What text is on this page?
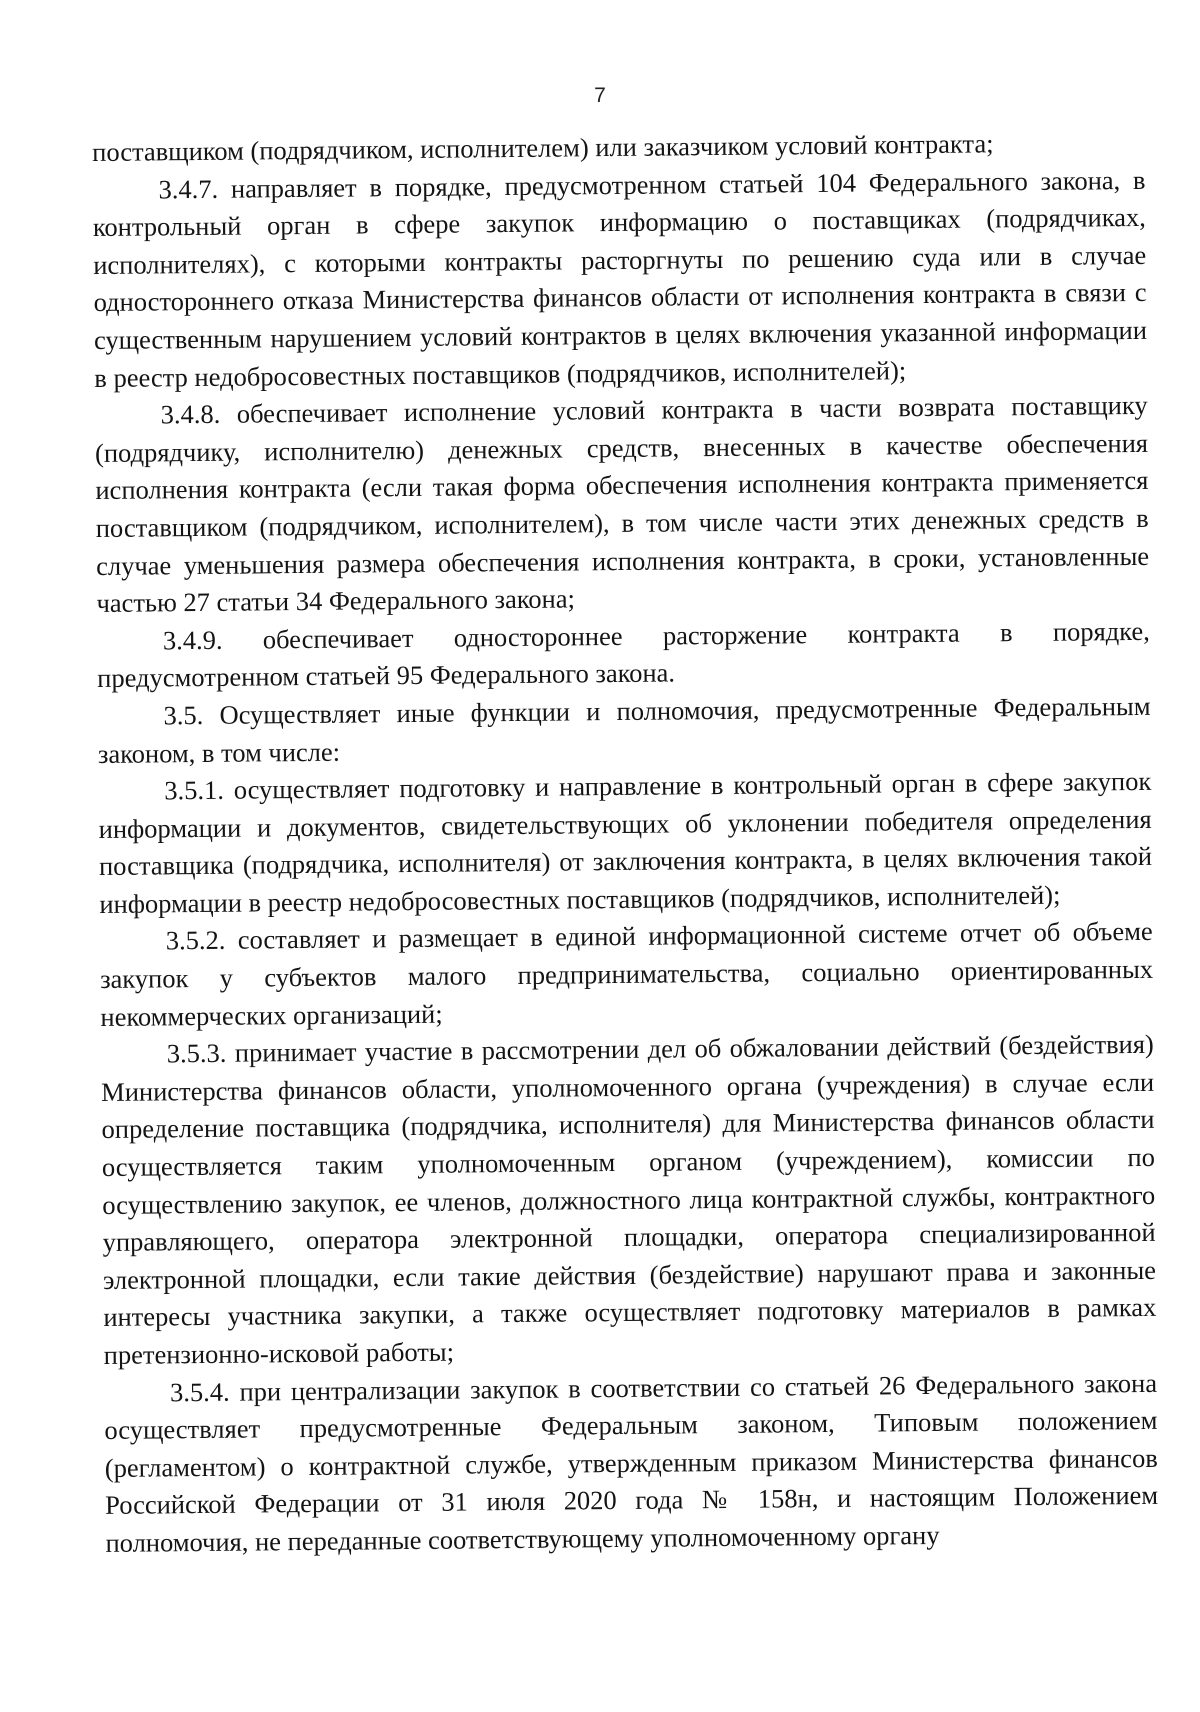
7

поставщиком (подрядчиком, исполнителем) или заказчиком условий контракта;

3.4.7. направляет в порядке, предусмотренном статьей 104 Федерального закона, в контрольный орган в сфере закупок информацию о поставщиках (подрядчиках, исполнителях), с которыми контракты расторгнуты по решению суда или в случае одностороннего отказа Министерства финансов области от исполнения контракта в связи с существенным нарушением условий контрактов в целях включения указанной информации в реестр недобросовестных поставщиков (подрядчиков, исполнителей);

3.4.8. обеспечивает исполнение условий контракта в части возврата поставщику (подрядчику, исполнителю) денежных средств, внесенных в качестве обеспечения исполнения контракта (если такая форма обеспечения исполнения контракта применяется поставщиком (подрядчиком, исполнителем), в том числе части этих денежных средств в случае уменьшения размера обеспечения исполнения контракта, в сроки, установленные частью 27 статьи 34 Федерального закона;

3.4.9. обеспечивает одностороннее расторжение контракта в порядке, предусмотренном статьей 95 Федерального закона.

3.5. Осуществляет иные функции и полномочия, предусмотренные Федеральным законом, в том числе:

3.5.1. осуществляет подготовку и направление в контрольный орган в сфере закупок информации и документов, свидетельствующих об уклонении победителя определения поставщика (подрядчика, исполнителя) от заключения контракта, в целях включения такой информации в реестр недобросовестных поставщиков (подрядчиков, исполнителей);

3.5.2. составляет и размещает в единой информационной системе отчет об объеме закупок у субъектов малого предпринимательства, социально ориентированных некоммерческих организаций;

3.5.3. принимает участие в рассмотрении дел об обжаловании действий (бездействия) Министерства финансов области, уполномоченного органа (учреждения) в случае если определение поставщика (подрядчика, исполнителя) для Министерства финансов области осуществляется таким уполномоченным органом (учреждением), комиссии по осуществлению закупок, ее членов, должностного лица контрактной службы, контрактного управляющего, оператора электронной площадки, оператора специализированной электронной площадки, если такие действия (бездействие) нарушают права и законные интересы участника закупки, а также осуществляет подготовку материалов в рамках претензионно-исковой работы;

3.5.4. при централизации закупок в соответствии со статьей 26 Федерального закона осуществляет предусмотренные Федеральным законом, Типовым положением (регламентом) о контрактной службе, утвержденным приказом Министерства финансов Российской Федерации от 31 июля 2020 года № 158н, и настоящим Положением полномочия, не переданные соответствующему уполномоченному органу
